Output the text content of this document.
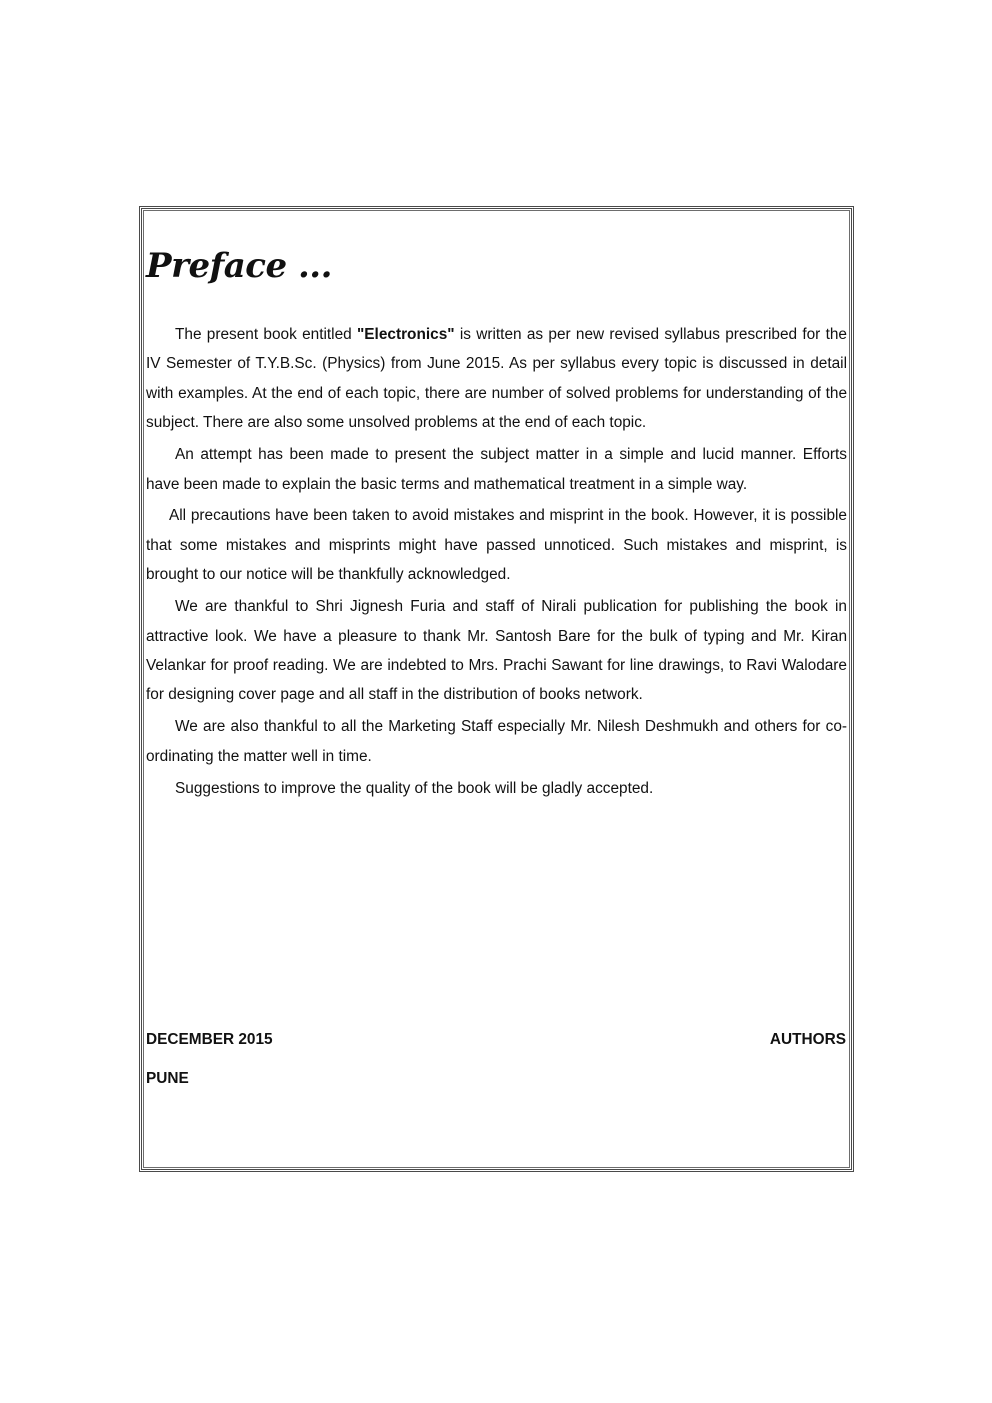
Preface ...

The present book entitled "Electronics" is written as per new revised syllabus prescribed for the IV Semester of T.Y.B.Sc. (Physics) from June 2015. As per syllabus every topic is discussed in detail with examples. At the end of each topic, there are number of solved problems for understanding of the subject. There are also some unsolved problems at the end of each topic.

An attempt has been made to present the subject matter in a simple and lucid manner. Efforts have been made to explain the basic terms and mathematical treatment in a simple way.

All precautions have been taken to avoid mistakes and misprint in the book. However, it is possible that some mistakes and misprints might have passed unnoticed. Such mistakes and misprint, is brought to our notice will be thankfully acknowledged.

We are thankful to Shri Jignesh Furia and staff of Nirali publication for publishing the book in attractive look. We have a pleasure to thank Mr. Santosh Bare for the bulk of typing and Mr. Kiran Velankar for proof reading. We are indebted to Mrs. Prachi Sawant for line drawings, to Ravi Walodare for designing cover page and all staff in the distribution of books network.

We are also thankful to all the Marketing Staff especially Mr. Nilesh Deshmukh and others for co-ordinating the matter well in time.

Suggestions to improve the quality of the book will be gladly accepted.

DECEMBER 2015	AUTHORS
PUNE
